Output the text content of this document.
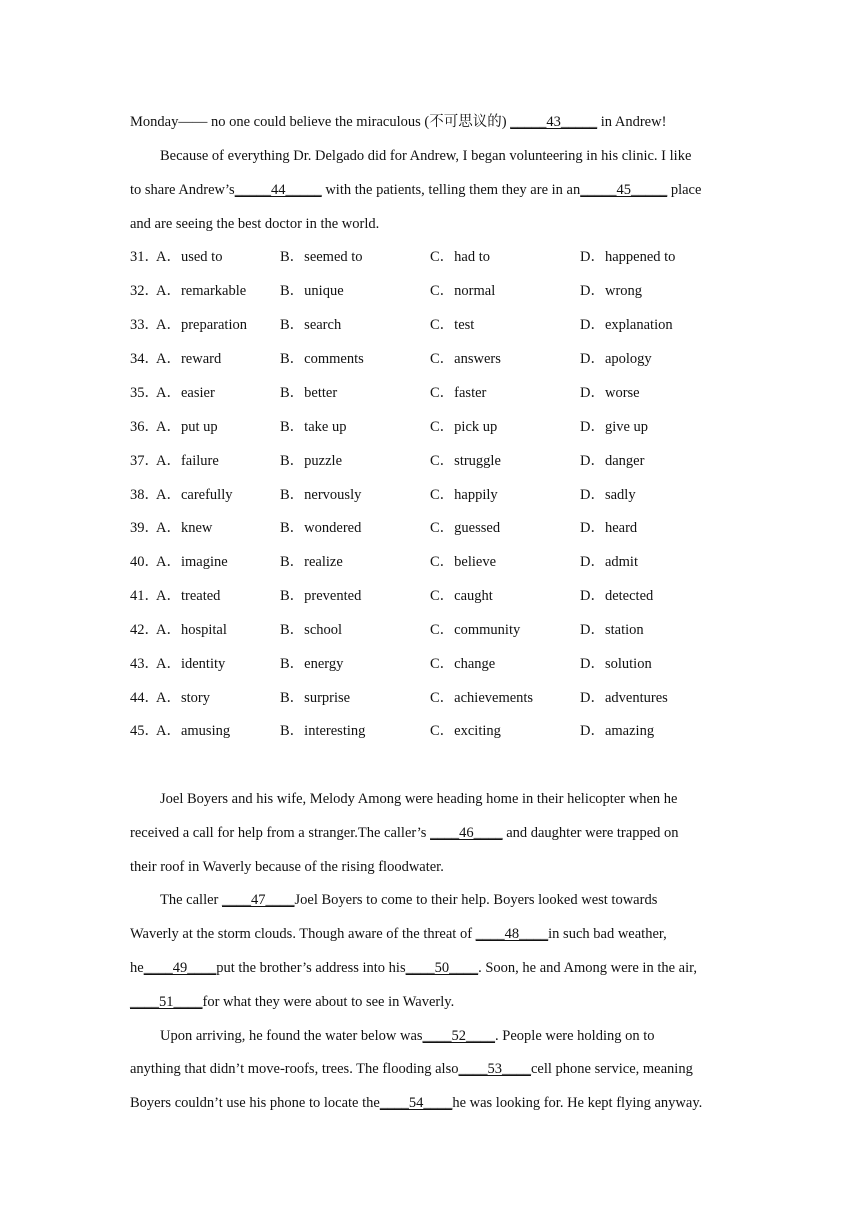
Monday—— no one could believe the miraculous (不可思议的) _____43_____ in Andrew!
Because of everything Dr. Delgado did for Andrew, I began volunteering in his clinic. I like
to share Andrew’s_____44_____ with the patients, telling them they are in an_____45_____ place
and are seeing the best doctor in the world.
31．
A．used to	B．seemed to	C．had to	D．happened to
32．
A．remarkable B．unique	C．normal	D．wrong
33．
A．preparation B．search	C．test	D．explanation
34．
A．reward	B．comments	C．answers	D．apology
35．
A．easier	B．better	C．faster	D．worse
36．
A．put up	B．take up	C．pick up	D．give up
37．
A．failure	B．puzzle	C．struggle	D．danger
38．
A．carefully	B．nervously	C．happily	D．sadly
39．
A．knew	B．wondered	C．guessed	D．heard
40．
A．imagine	B．realize	C．believe	D．admit
41．
A．treated	B．prevented	C．caught	D．detected
42．
A．hospital	B．school	C．community	D．station
43．
A．identity	B．energy	C．change	D．solution
44．
A．story	B．surprise	C．achievements	D．adventures
45．
A．amusing	B．interesting	C．exciting	D．amazing
Joel Boyers and his wife, Melody Among were heading home in their helicopter when he
received a call for help from a stranger.The caller’s ____46____ and daughter were trapped on
their roof in Waverly because of the rising floodwater.
The caller ____47____Joel Boyers to come to their help. Boyers looked west towards
Waverly at the storm clouds. Though aware of the threat of ____48____in such bad weather,
he____49____put the brother’s address into his____50____. Soon, he and Among were in the air,
____51____for what they were about to see in Waverly.
Upon arriving, he found the water below was____52____. People were holding on to
anything that didn’t move-roofs, trees. The flooding also____53____cell phone service, meaning
Boyers couldn’t use his phone to locate the____54____he was looking for. He kept flying anyway.
